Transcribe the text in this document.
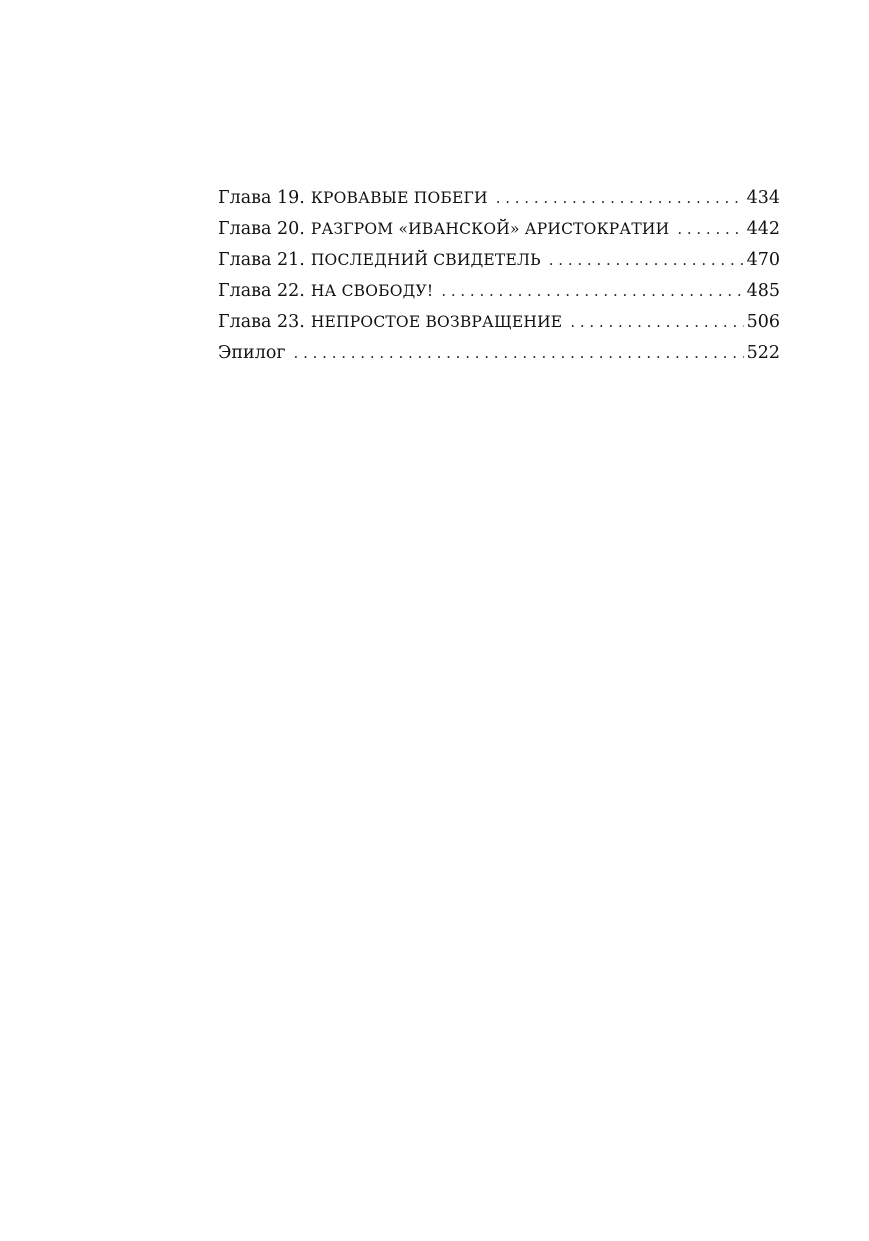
Глава 19. КРОВАВЫЕ ПОБЕГИ . . .	434
Глава 20. РАЗГРОМ «ИВАНСКОЙ» АРИСТОКРАТИИ . . .	442
Глава 21. ПОСЛЕДНИЙ СВИДЕТЕЛЬ . . .	470
Глава 22. НА СВОБОДУ! . . .	485
Глава 23. НЕПРОСТОЕ ВОЗВРАЩЕНИЕ . . .	506
Эпилог . . .	522
